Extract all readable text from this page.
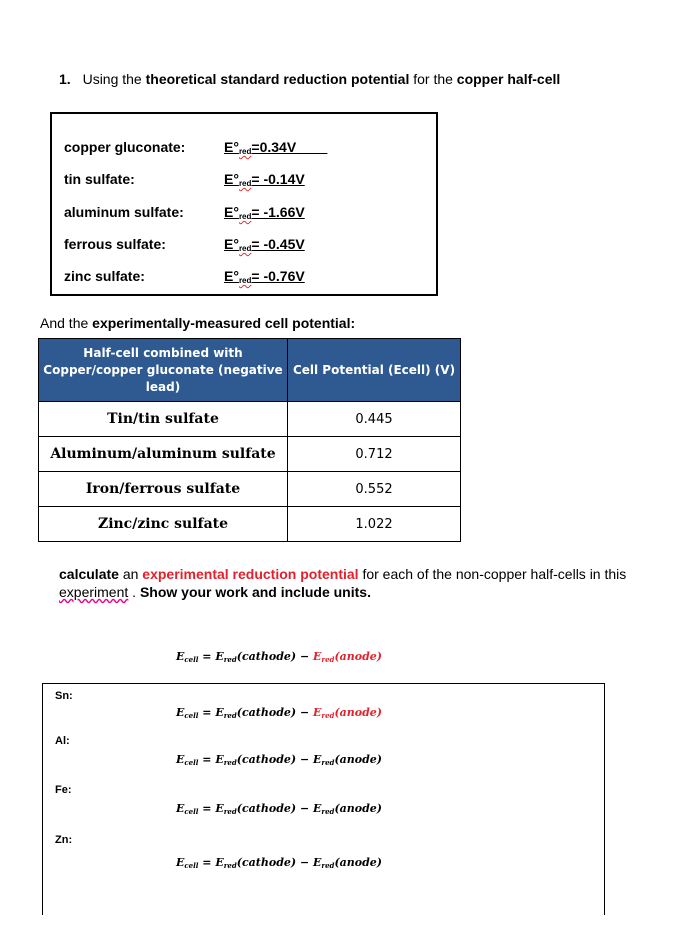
1. Using the theoretical standard reduction potential for the copper half-cell
copper gluconate:	$E^\circ_{red}=0.34V\_\_\_\_$
tin sulfate:	$E^\circ_{red}= -0.14V$
aluminum sulfate:	$E^\circ_{red}= -1.66V$
ferrous sulfate:	$E^\circ_{red}= -0.45V$
zinc sulfate:	$E^\circ_{red}= -0.76V$
And the experimentally-measured cell potential:
Half-cell combined with Copper/copper gluconate (negative lead)	Cell Potential (Ecell) (V)
Tin/tin sulfate	0.445
Aluminum/aluminum sulfate	0.712
Iron/ferrous sulfate	0.552
Zinc/zinc sulfate	1.022
calculate an experimental reduction potential for each of the non-copper half-cells in this experiment . Show your work and include units.
Ecell = Ered(cathode) − Ered(anode)
Sn:
Ecell = Ered(cathode) − Ered(anode)
Al:
Ecell = Ered(cathode) − Ered(anode)
Fe:
Ecell = Ered(cathode) − Ered(anode)
Zn:
Ecell = Ered(cathode) − Ered(anode)
